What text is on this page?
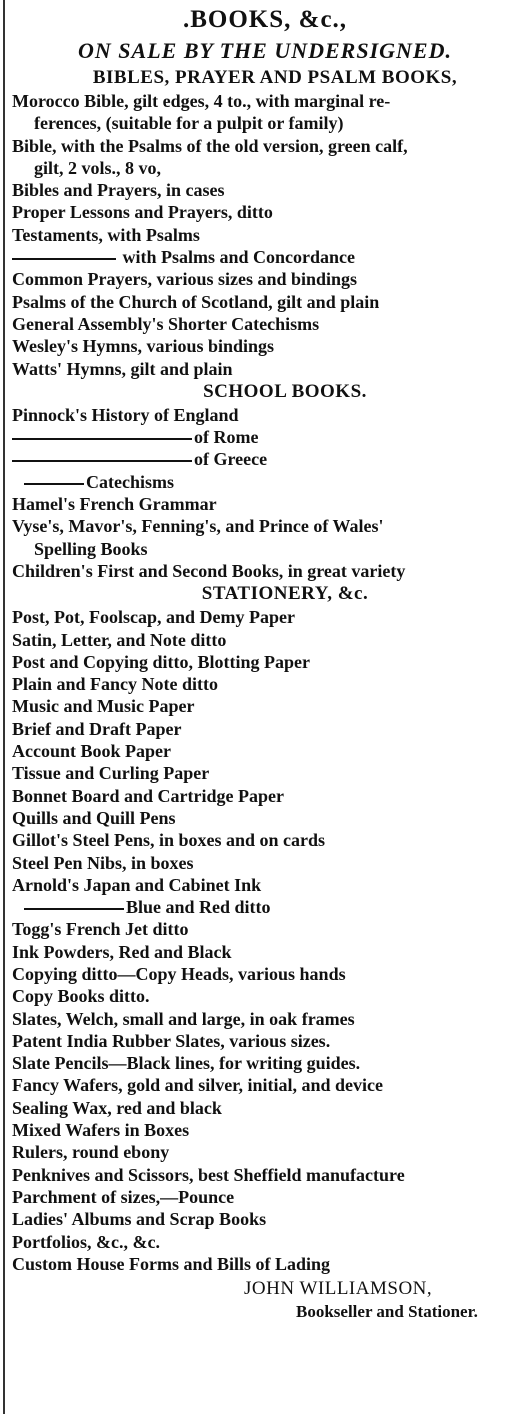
.BOOKS, &c.,
ON SALE BY THE UNDERSIGNED.
BIBLES, PRAYER AND PSALM BOOKS,
Morocco Bible, gilt edges, 4 to., with marginal re-
ferences, (suitable for a pulpit or family)
Bible, with the Psalms of the old version, green calf,
gilt, 2 vols., 8 vo,
Bibles and Prayers, in cases
Proper Lessons and Prayers, ditto
Testaments, with Psalms
with Psalms and Concordance
Common Prayers, various sizes and bindings
Psalms of the Church of Scotland, gilt and plain
General Assembly's Shorter Catechisms
Wesley's Hymns, various bindings
Watts' Hymns, gilt and plain
SCHOOL BOOKS.
Pinnock's History of England
of Rome
of Greece
Catechisms
Hamel's French Grammar
Vyse's, Mavor's, Fenning's, and Prince of Wales'
Spelling Books
Children's First and Second Books, in great variety
STATIONERY, &c.
Post, Pot, Foolscap, and Demy Paper
Satin, Letter, and Note ditto
Post and Copying ditto, Blotting Paper
Plain and Fancy Note ditto
Music and Music Paper
Brief and Draft Paper
Account Book Paper
Tissue and Curling Paper
Bonnet Board and Cartridge Paper
Quills and Quill Pens
Gillot's Steel Pens, in boxes and on cards
Steel Pen Nibs, in boxes
Arnold's Japan and Cabinet Ink
Blue and Red ditto
Togg's French Jet ditto
Ink Powders, Red and Black
Copying ditto—Copy Heads, various hands
Copy Books ditto.
Slates, Welch, small and large, in oak frames
Patent India Rubber Slates, various sizes.
Slate Pencils—Black lines, for writing guides.
Fancy Wafers, gold and silver, initial, and device
Sealing Wax, red and black
Mixed Wafers in Boxes
Rulers, round ebony
Penknives and Scissors, best Sheffield manufacture
Parchment of sizes,—Pounce
Ladies' Albums and Scrap Books
Portfolios, &c., &c.
Custom House Forms and Bills of Lading
JOHN WILLIAMSON,
Bookseller and Stationer.
